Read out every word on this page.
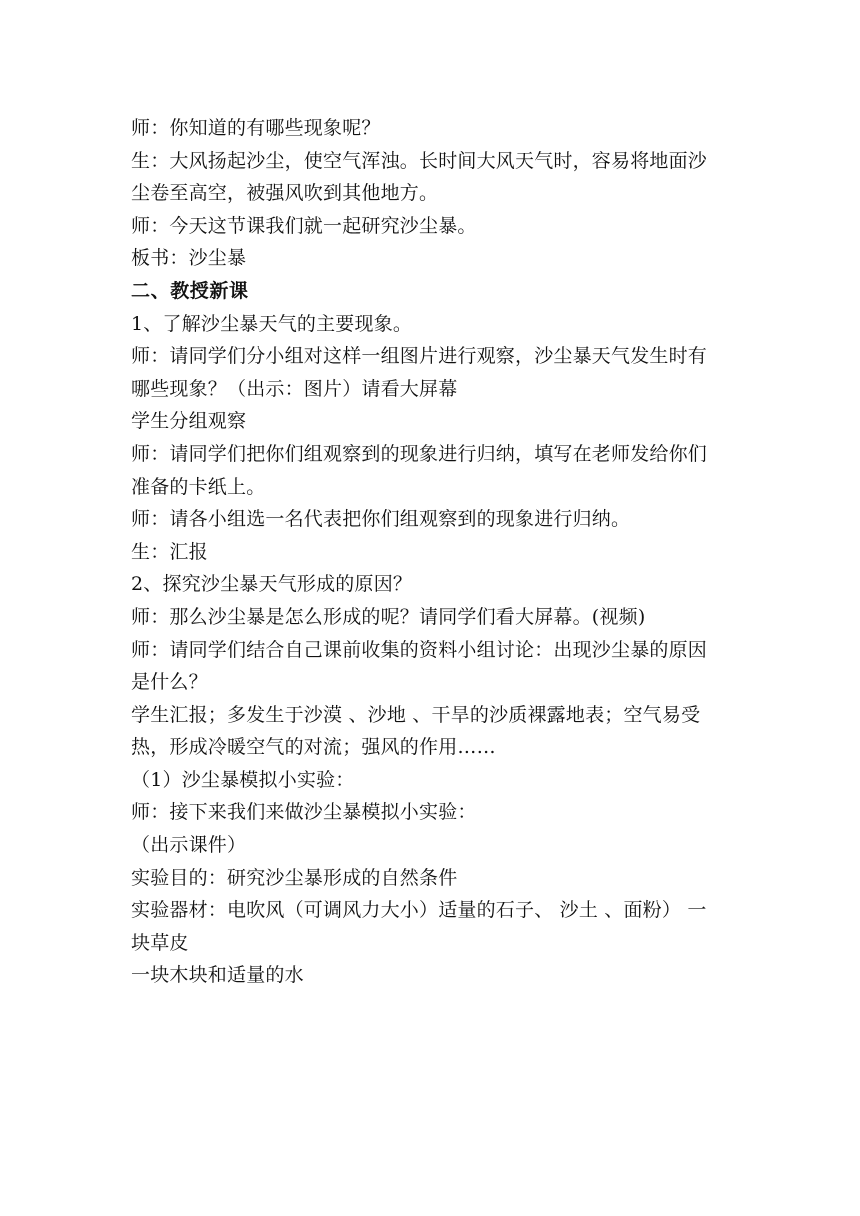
师：你知道的有哪些现象呢？
生：大风扬起沙尘，使空气浑浊。长时间大风天气时，容易将地面沙
尘卷至高空，被强风吹到其他地方。
师：今天这节课我们就一起研究沙尘暴。
板书：沙尘暴
二、教授新课
1、了解沙尘暴天气的主要现象。
师：请同学们分小组对这样一组图片进行观察，沙尘暴天气发生时有
哪些现象？（出示：图片）请看大屏幕
学生分组观察
师：请同学们把你们组观察到的现象进行归纳，填写在老师发给你们
准备的卡纸上。
师：请各小组选一名代表把你们组观察到的现象进行归纳。
生：汇报
2、探究沙尘暴天气形成的原因？
师：那么沙尘暴是怎么形成的呢？请同学们看大屏幕。(视频)
师：请同学们结合自己课前收集的资料小组讨论：出现沙尘暴的原因
是什么？
学生汇报；多发生于沙漠 、沙地 、干旱的沙质裸露地表；空气易受
热，形成冷暖空气的对流；强风的作用……
（1）沙尘暴模拟小实验：
师：接下来我们来做沙尘暴模拟小实验：
（出示课件）
实验目的：研究沙尘暴形成的自然条件
实验器材：电吹风（可调风力大小）适量的石子、 沙土 、面粉） 一
块草皮
一块木块和适量的水
